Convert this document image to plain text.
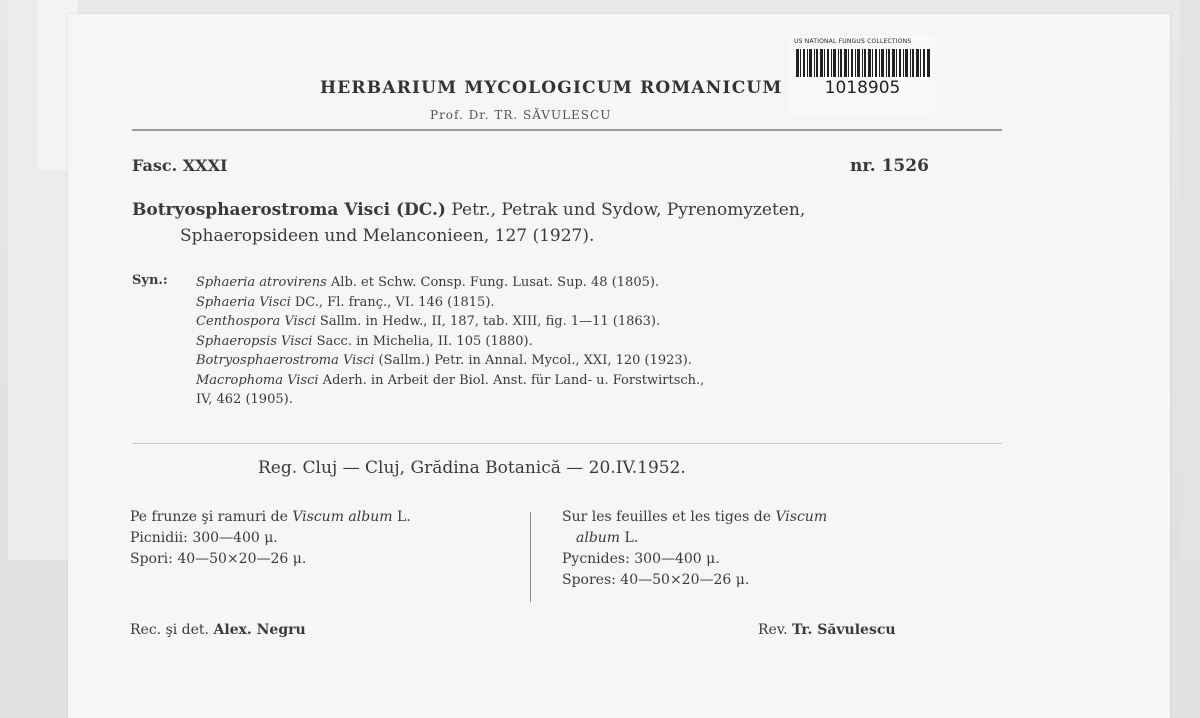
HERBARIUM MYCOLOGICUM ROMANICUM
Prof. Dr. TR. SĂVULESCU
US NATIONAL FUNGUS COLLECTIONS
1018905
Fasc. XXXI	nr. 1526
Botryosphaerostroma Visci (DC.) Petr., Petrak und Sydow, Pyrenomyzeten,
Sphaeropsideen und Melanconieen, 127 (1927).
Syn.: Sphaeria atrovirens Alb. et Schw. Consp. Fung. Lusat. Sup. 48 (1805).
Sphaeria Visci DC., Fl. franç., VI. 146 (1815).
Centhospora Visci Sallm. in Hedw., II, 187, tab. XIII, fig. 1—11 (1863).
Sphaeropsis Visci Sacc. in Michelia, II. 105 (1880).
Botryosphaerostroma Visci (Sallm.) Petr. in Annal. Mycol., XXI, 120 (1923).
Macrophoma Visci Aderh. in Arbeit der Biol. Anst. für Land- u. Forstwirtsch.,
IV, 462 (1905).
Reg. Cluj — Cluj, Grădina Botanică — 20.IV.1952.
Pe frunze şi ramuri de Viscum album L.
Picnidii: 300—400 μ.
Spori: 40—50×20—26 μ.
Sur les feuilles et les tiges de Viscum
album L.
Pycnides: 300—400 μ.
Spores: 40—50×20—26 μ.
Rec. şi det. Alex. Negru	Rev. Tr. Săvulescu
